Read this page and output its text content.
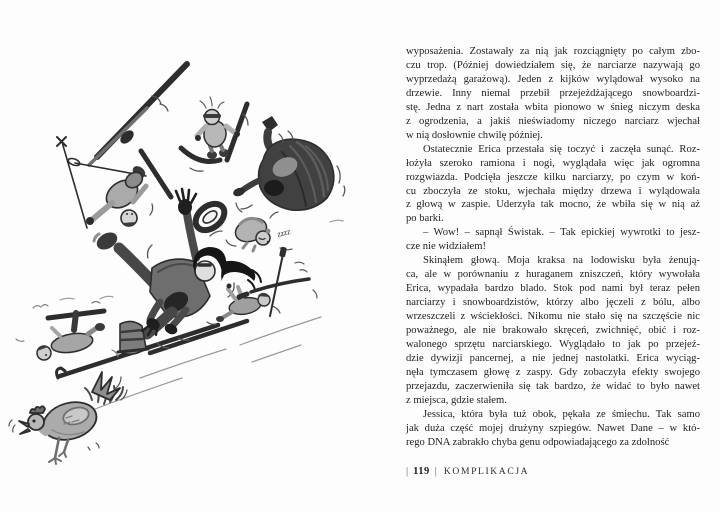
zzzz
wyposażenia. Zostawały za nią jak rozciągnięty po całym zbo-
czu trop. (Później dowiedziałem się, że narciarze nazywają go
wyprzedażą garażową). Jeden z kijków wylądował wysoko na
drzewie. Inny niemal przebił przejeżdżającego snowboardzi-
stę. Jedna z nart została wbita pionowo w śnieg niczym deska
z ogrodzenia, a jakiś nieświadomy niczego narciarz wjechał
w nią dosłownie chwilę później.
Ostatecznie Erica przestała się toczyć i zaczęła sunąć. Roz-
łożyła szeroko ramiona i nogi, wyglądała więc jak ogromna
rozgwiazda. Podcięła jeszcze kilku narciarzy, po czym w koń-
cu zboczyła ze stoku, wjechała między drzewa i wylądowała
z głową w zaspie. Uderzyła tak mocno, że wbiła się w nią aż
po barki.
– Wow! – sapnął Świstak. – Tak epickiej wywrotki to jesz-
cze nie widziałem!
Skinąłem głową. Moja kraksa na lodowisku była żenują-
ca, ale w porównaniu z huraganem zniszczeń, który wywołała
Erica, wypadała bardzo blado. Stok pod nami był teraz pełen
narciarzy i snowboardzistów, którzy albo jęczeli z bólu, albo
wrzeszczeli z wściekłości. Nikomu nie stało się na szczęście nic
poważnego, ale nie brakowało skręceń, zwichnięć, obić i roz-
walonego sprzętu narciarskiego. Wyglądało to jak po przejeź-
dzie dywizji pancernej, a nie jednej nastolatki. Erica wyciąg-
nęła tymczasem głowę z zaspy. Gdy zobaczyła efekty swojego
przejazdu, zaczerwieniła się tak bardzo, że widać to było nawet
z miejsca, gdzie stałem.
Jessica, która była tuż obok, pękała ze śmiechu. Tak samo
jak duża część mojej drużyny szpiegów. Nawet Dane – w któ-
rego DNA zabrakło chyba genu odpowiadającego za zdolność
| 119 | KOMPLIKACJA
